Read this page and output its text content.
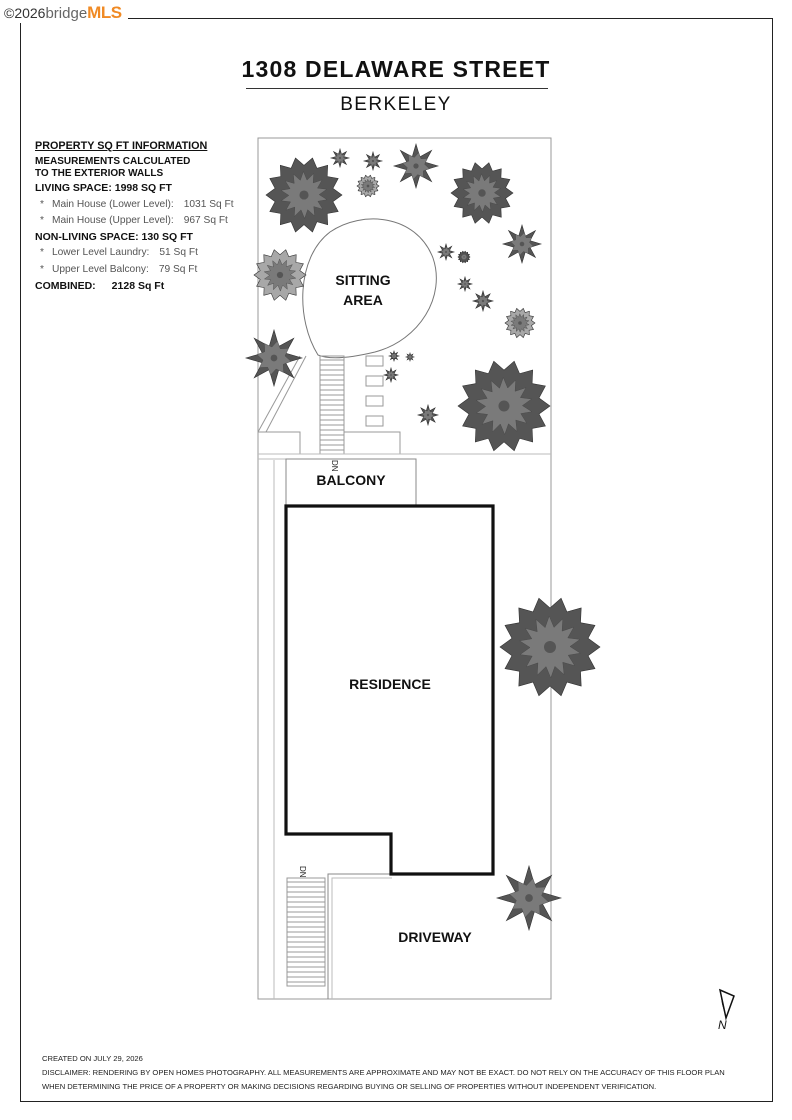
©2026 bridge MLS
1308 DELAWARE STREET
BERKELEY
PROPERTY SQ FT INFORMATION
MEASUREMENTS CALCULATED
TO THE EXTERIOR WALLS
LIVING SPACE: 1998 SQ FT
* Main House (Lower Level): 1031 Sq Ft
* Main House (Upper Level): 967 Sq Ft
NON-LIVING SPACE: 130 SQ FT
* Lower Level Laundry: 51 Sq Ft
* Upper Level Balcony: 79 Sq Ft
COMBINED: 2128 Sq Ft
DN
DN
SITTING
AREA
BALCONY
RESIDENCE
DRIVEWAY
N
CREATED ON JULY 29, 2026
DISCLAIMER: RENDERING BY OPEN HOMES PHOTOGRAPHY. ALL MEASUREMENTS ARE APPROXIMATE AND MAY NOT BE EXACT. DO NOT RELY ON THE ACCURACY OF THIS FLOOR PLAN
WHEN DETERMINING THE PRICE OF A PROPERTY OR MAKING DECISIONS REGARDING BUYING OR SELLING OF PROPERTIES WITHOUT INDEPENDENT VERIFICATION.
